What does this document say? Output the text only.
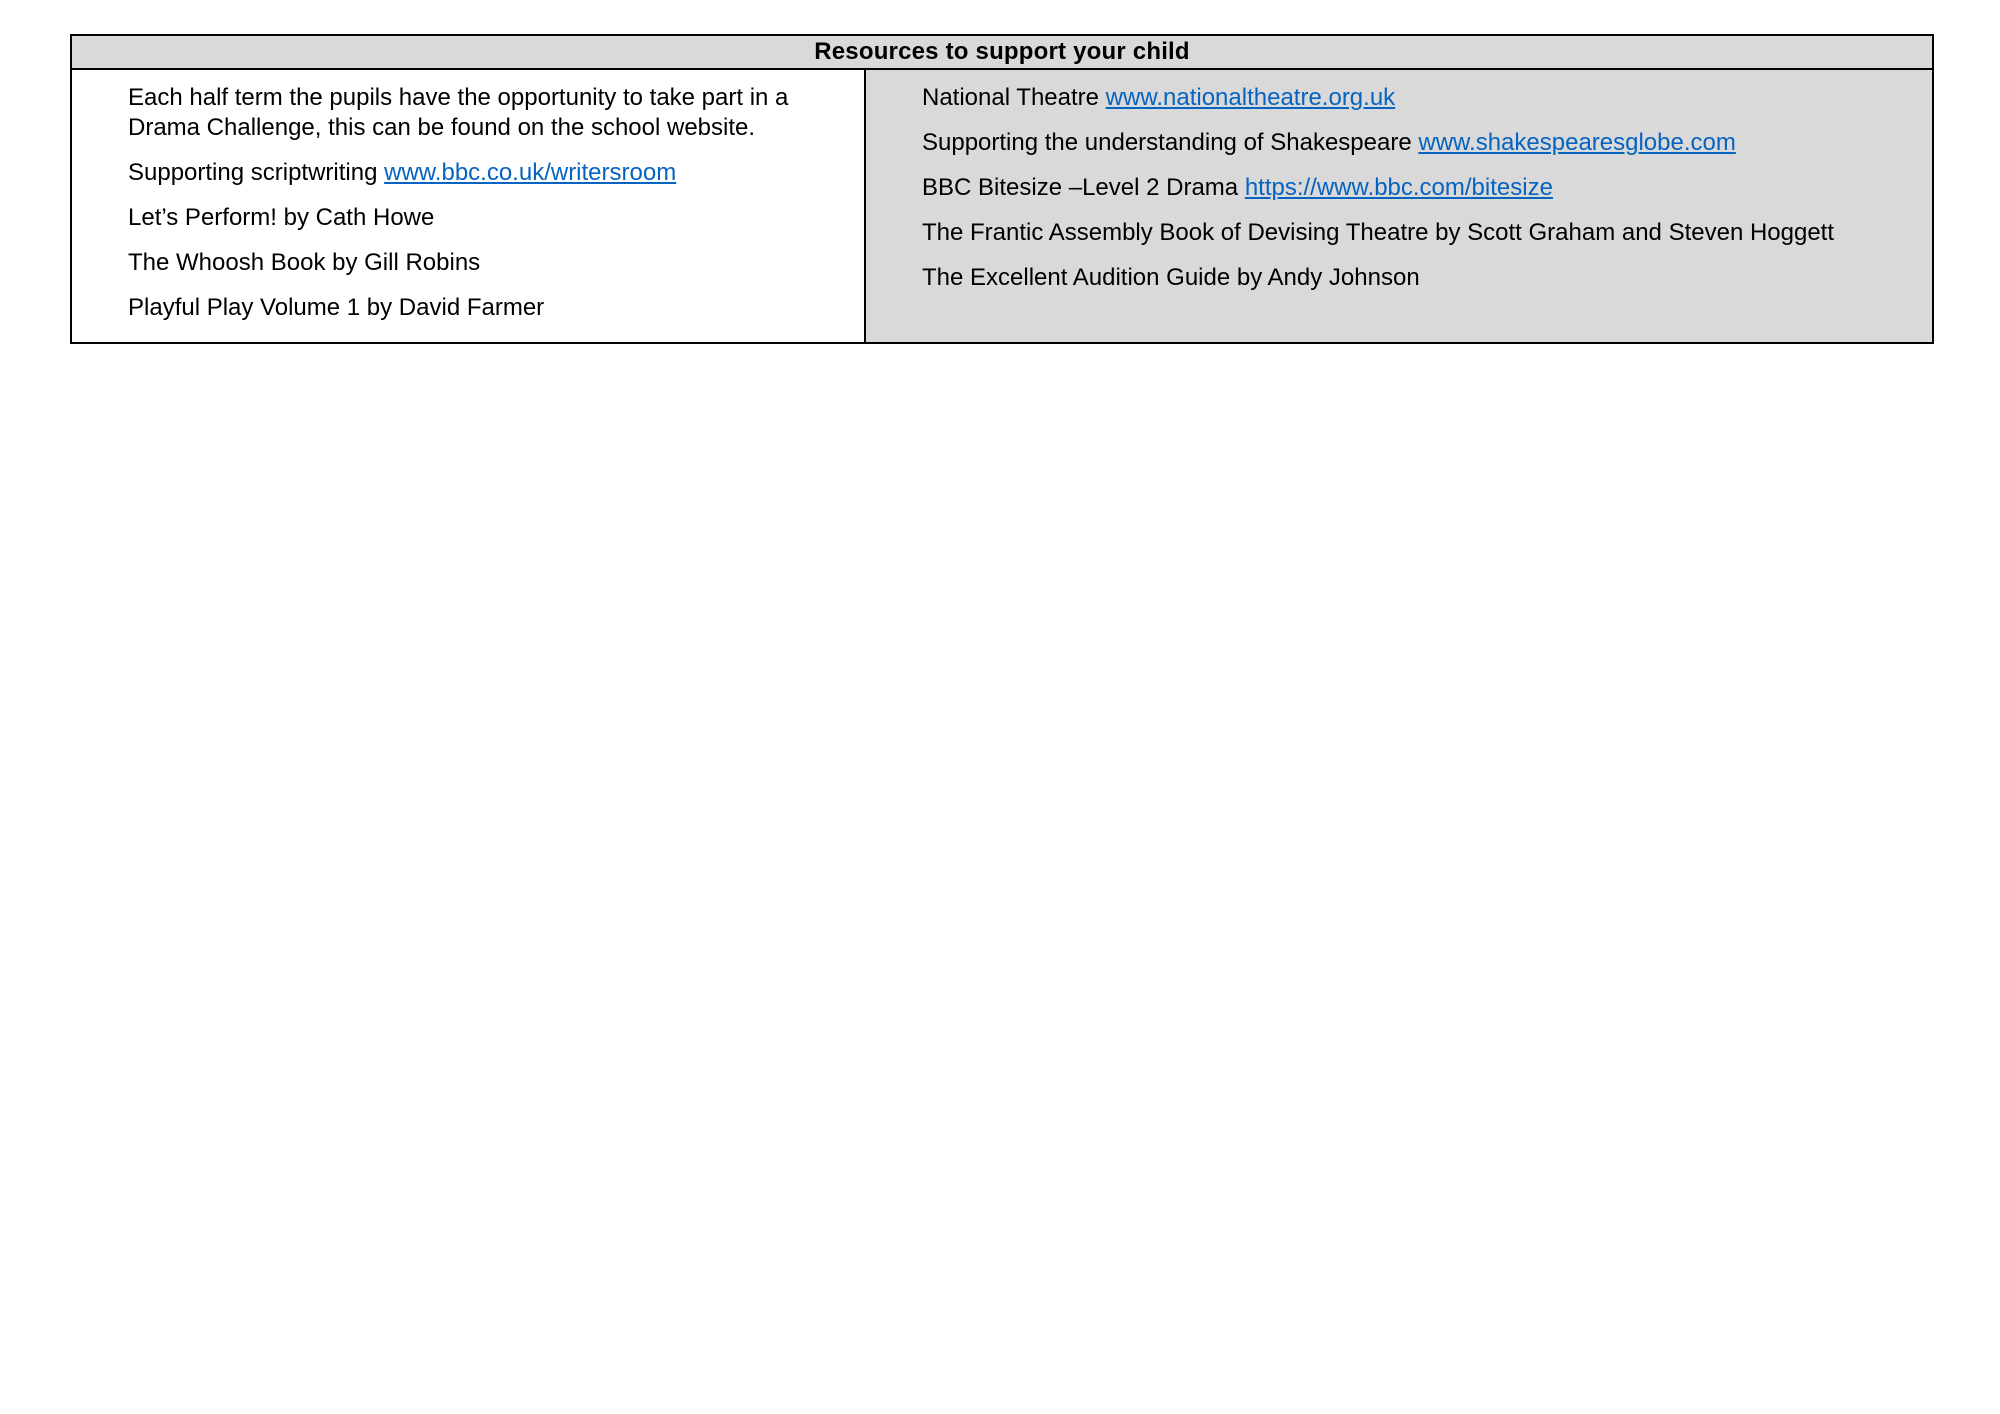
Resources to support your child

Each half term the pupils have the opportunity to take part in a Drama Challenge, this can be found on the school website.

Supporting scriptwriting www.bbc.co.uk/writersroom

Let’s Perform! by Cath Howe

The Whoosh Book by Gill Robins

Playful Play Volume 1 by David Farmer

National Theatre www.nationaltheatre.org.uk

Supporting the understanding of Shakespeare www.shakespearesglobe.com

BBC Bitesize –Level 2 Drama https://www.bbc.com/bitesize

The Frantic Assembly Book of Devising Theatre by Scott Graham and Steven Hoggett

The Excellent Audition Guide by Andy Johnson
